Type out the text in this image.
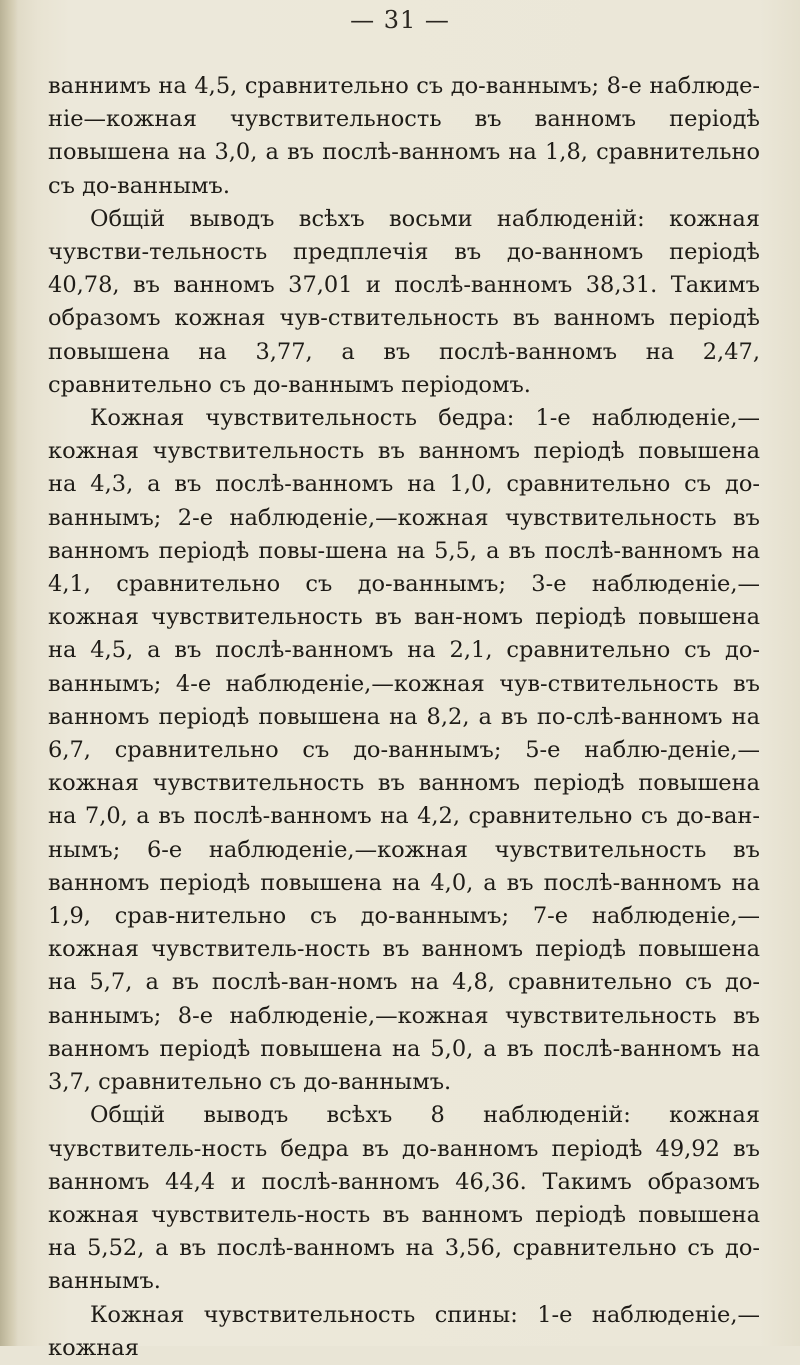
— 31 —

ваннимъ на 4,5, сравнительно съ до-ваннымъ; 8-е наблюде-ніе—кожная чувствительность въ ванномъ періодѣ повышена на 3,0, а въ послѣ-ванномъ на 1,8, сравнительно съ до-ваннымъ.

Общій выводъ всѣхъ восьми наблюденій: кожная чувстви-тельность предплечія въ до-ванномъ періодѣ 40,78, въ ванномъ 37,01 и послѣ-ванномъ 38,31. Такимъ образомъ кожная чув-ствительность въ ванномъ періодѣ повышена на 3,77, а въ послѣ-ванномъ на 2,47, сравнительно съ до-ваннымъ періодомъ.

Кожная чувствительность бедра: 1-е наблюденіе,—кожная чувствительность въ ванномъ періодѣ повышена на 4,3, а въ послѣ-ванномъ на 1,0, сравнительно съ до-ваннымъ; 2-е наблюденіе,—кожная чувствительность въ ванномъ періодѣ повы-шена на 5,5, а въ послѣ-ванномъ на 4,1, сравнительно съ до-ваннымъ; 3-е наблюденіе,—кожная чувствительность въ ван-номъ періодѣ повышена на 4,5, а въ послѣ-ванномъ на 2,1, сравнительно съ до-ваннымъ; 4-е наблюденіе,—кожная чув-ствительность въ ванномъ періодѣ повышена на 8,2, а въ по-слѣ-ванномъ на 6,7, сравнительно съ до-ваннымъ; 5-е наблю-деніе,—кожная чувствительность въ ванномъ періодѣ повышена на 7,0, а въ послѣ-ванномъ на 4,2, сравнительно съ до-ван-нымъ; 6-е наблюденіе,—кожная чувствительность въ ванномъ періодѣ повышена на 4,0, а въ послѣ-ванномъ на 1,9, срав-нительно съ до-ваннымъ; 7-е наблюденіе,—кожная чувствитель-ность въ ванномъ періодѣ повышена на 5,7, а въ послѣ-ван-номъ на 4,8, сравнительно съ до-ваннымъ; 8-е наблюденіе,—кожная чувствительность въ ванномъ періодѣ повышена на 5,0, а въ послѣ-ванномъ на 3,7, сравнительно съ до-ваннымъ.

Общій выводъ всѣхъ 8 наблюденій: кожная чувствитель-ность бедра въ до-ванномъ періодѣ 49,92 въ ванномъ 44,4 и послѣ-ванномъ 46,36. Такимъ образомъ кожная чувствитель-ность въ ванномъ періодѣ повышена на 5,52, а въ послѣ-ванномъ на 3,56, сравнительно съ до-ваннымъ.

Кожная чувствительность спины: 1-е наблюденіе,—кожная
